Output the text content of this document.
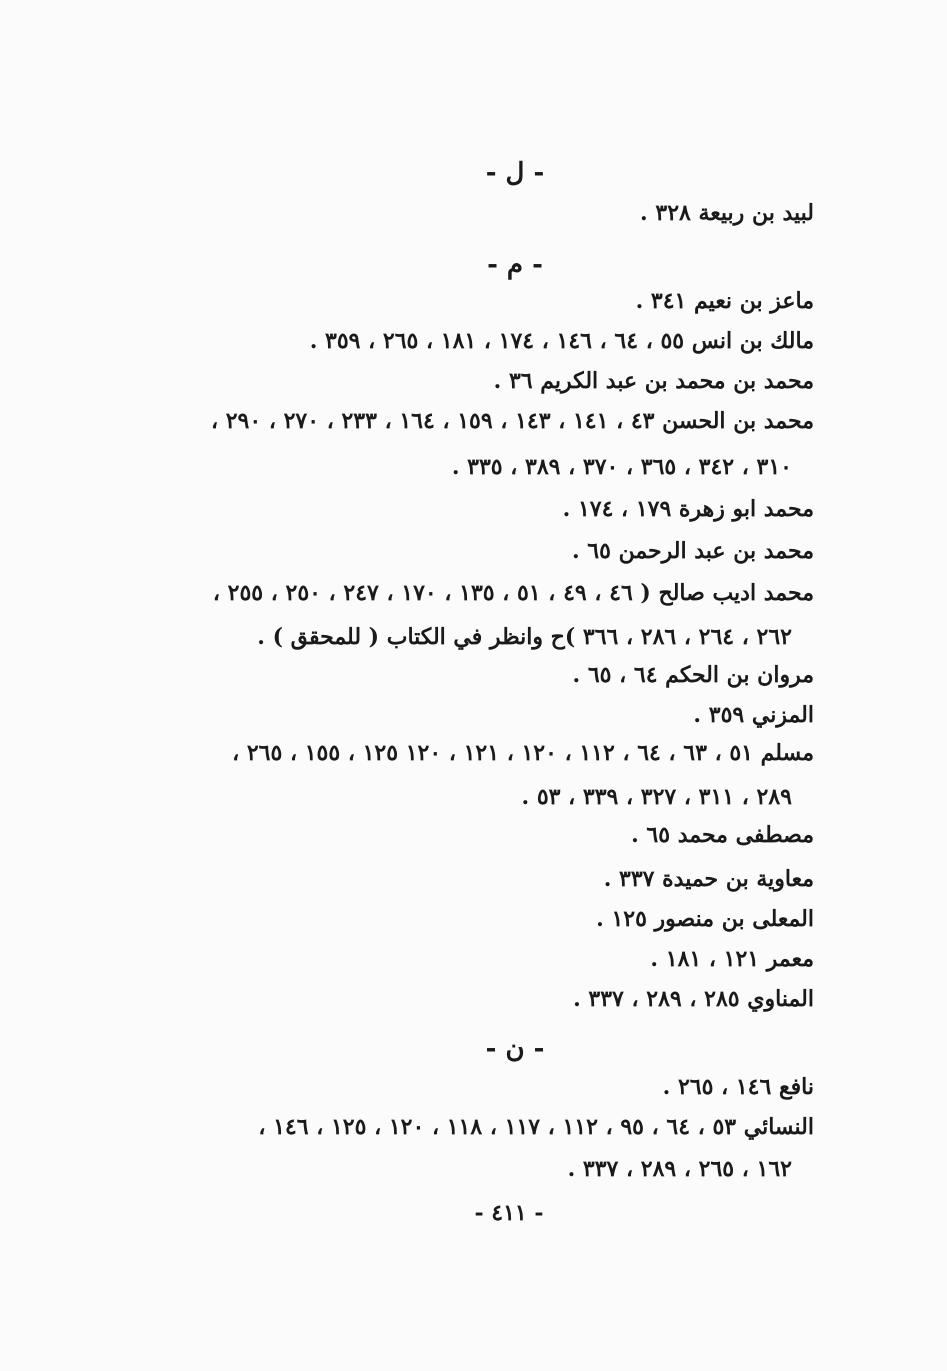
- ل -
لبيد بن ربيعة ٣٢٨ .
- م -
ماعز بن نعيم ٣٤١ .
مالك بن انس ٥٥ ، ٦٤ ، ١٤٦ ، ١٧٤ ، ١٨١ ، ٢٦٥ ، ٣٥٩ .
محمد بن محمد بن عبد الكريم ٣٦ .
محمد بن الحسن ٤٣ ، ١٤١ ، ١٤٣ ، ١٥٩ ، ١٦٤ ، ٢٣٣ ، ٢٧٠ ، ٢٩٠ ،
٣١٠ ، ٣٤٢ ، ٣٦٥ ، ٣٧٠ ، ٣٨٩ ، ٣٣٥ .
محمد ابو زهرة ١٧٩ ، ١٧٤ .
محمد بن عبد الرحمن ٦٥ .
محمد اديب صالح ( ٤٦ ، ٤٩ ، ٥١ ، ١٣٥ ، ١٧٠ ، ٢٤٧ ، ٢٥٠ ، ٢٥٥ ،
٢٦٢ ، ٢٦٤ ، ٢٨٦ ، ٣٦٦ )ح وانظر في الكتاب ( للمحقق ) .
مروان بن الحكم ٦٤ ، ٦٥ .
المزني ٣٥٩ .
مسلم ٥١ ، ٦٣ ، ٦٤ ، ١١٢ ، ١٢٠ ، ١٢١ ، ١٢٠ ١٢٥ ، ١٥٥ ، ٢٦٥ ،
٢٨٩ ، ٣١١ ، ٣٢٧ ، ٣٣٩ ، ٥٣ .
مصطفى محمد ٦٥ .
معاوية بن حميدة ٣٣٧ .
المعلى بن منصور ١٢٥ .
معمر ١٢١ ، ١٨١ .
المناوي ٢٨٥ ، ٢٨٩ ، ٣٣٧ .
- ن -
نافع ١٤٦ ، ٢٦٥ .
النسائي ٥٣ ، ٦٤ ، ٩٥ ، ١١٢ ، ١١٧ ، ١١٨ ، ١٢٠ ، ١٢٥ ، ١٤٦ ،
١٦٢ ، ٢٦٥ ، ٢٨٩ ، ٣٣٧ .
- ٤١١ -
